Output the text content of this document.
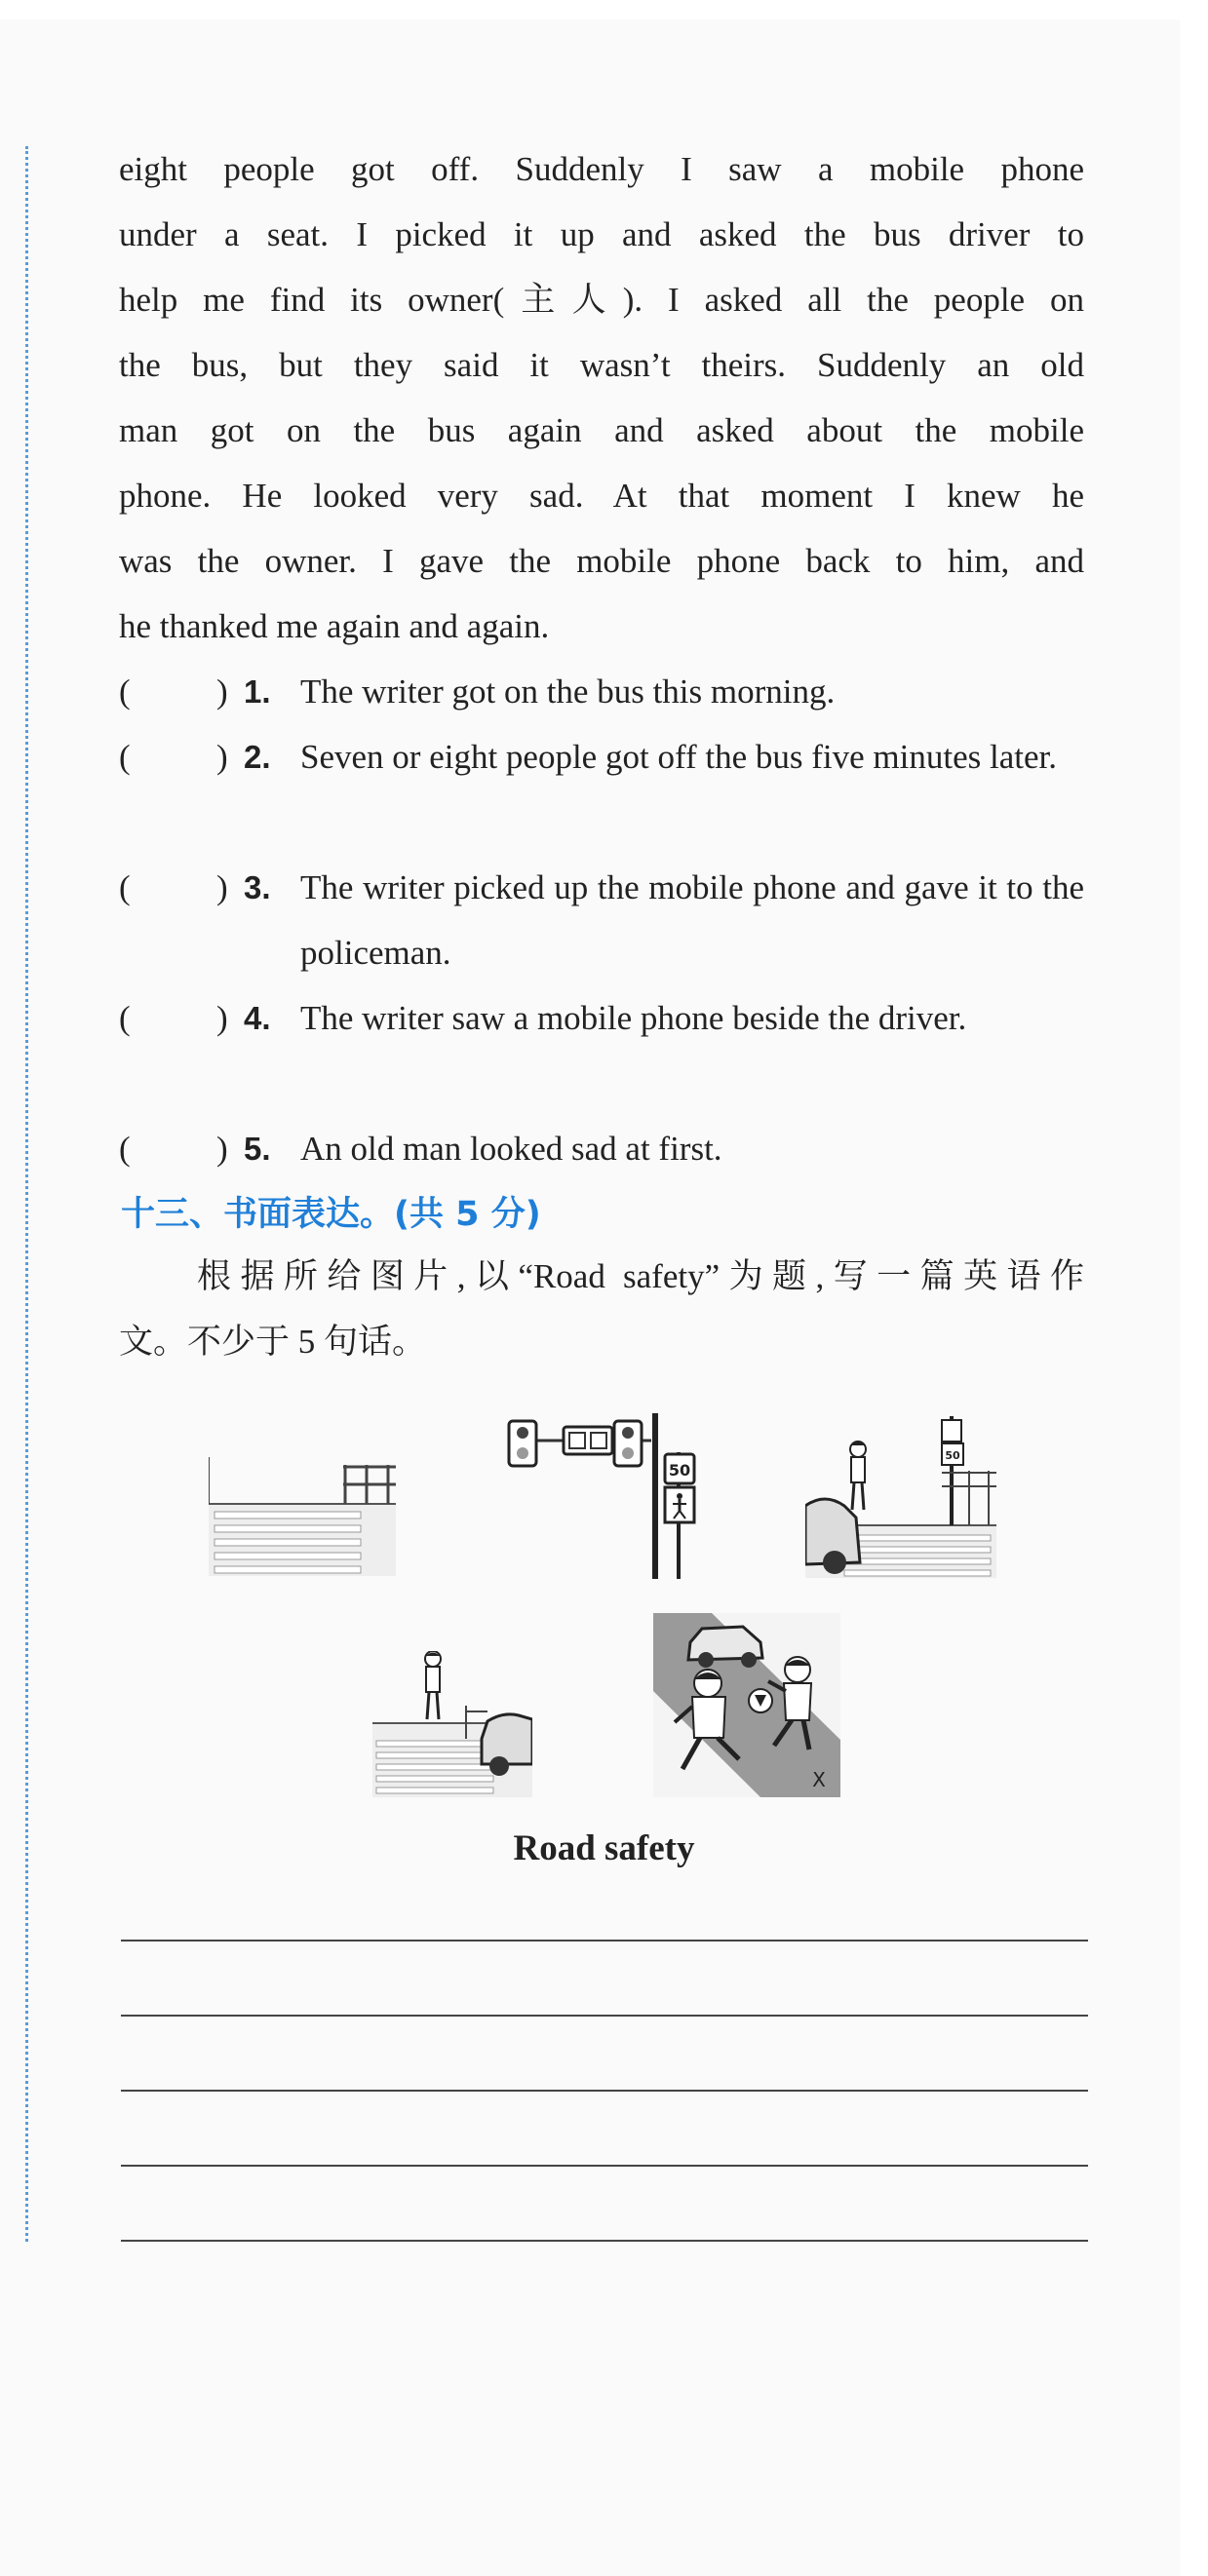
eight people got off. Suddenly I saw a mobile phone
under a seat. I picked it up and asked the bus driver to
help me find its owner(主人). I asked all the people on
the bus, but they said it wasn’t theirs. Suddenly an old
man got on the bus again and asked about the mobile
phone. He looked very sad. At that moment I knew he
was the owner. I gave the mobile phone back to him, and
he thanked me again and again.
(	) 1. The writer got on the bus this morning.
(	) 2. Seven or eight people got off the bus five minutes later.
(	) 3. The writer picked up the mobile phone and gave it to the policeman.
(	) 4. The writer saw a mobile phone beside the driver.
(	) 5. An old man looked sad at first.
十三、书面表达。(共 5 分)
根据所给图片,以“Road safety”为题,写一篇英语作
文。不少于 5 句话。
50
50
X
Road safety
